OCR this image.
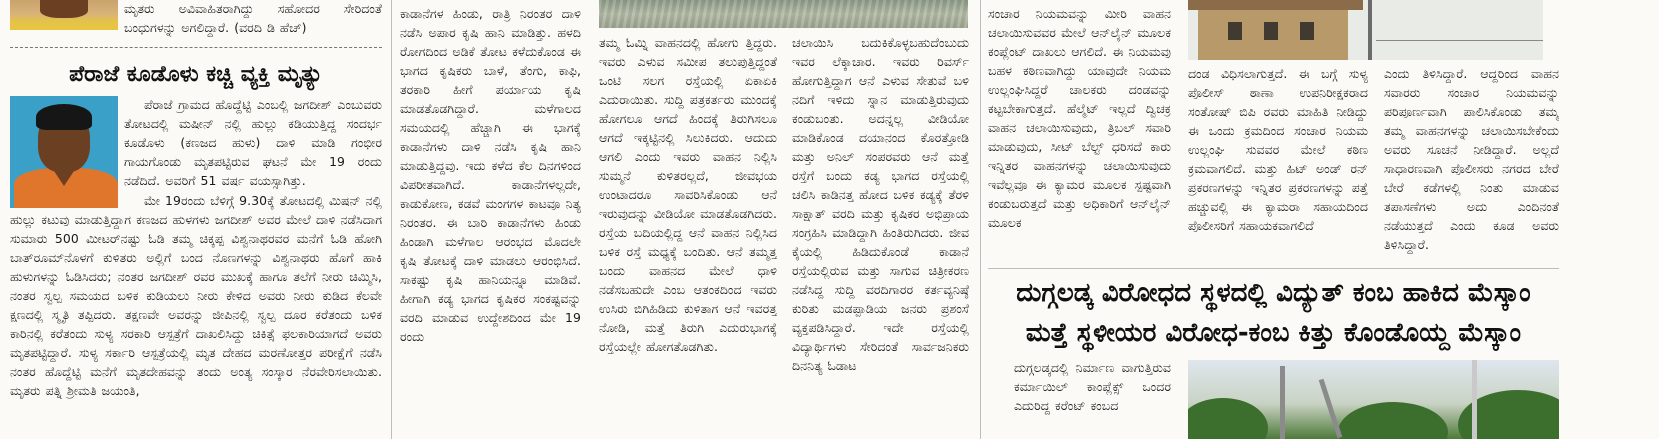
ಮೃತರು ಅವಿವಾಹಿತರಾಗಿದ್ದು ಸಹೋದರ ಸೇರಿದಂತೆ ಬಂಧುಗಳನ್ನು ಅಗಲಿದ್ದಾರೆ. (ವರದಿ ಡಿ ಹೆಚ್)
ಪೆರಾಜೆ ಕೂಡೊಳು ಕಚ್ಚಿ ವ್ಯಕ್ತಿ ಮೃತ್ಯು
ಪೆರಾಜೆ ಗ್ರಾಮದ ಹೊದ್ದೆಟ್ಟಿ ಎಂಬಲ್ಲಿ ಜಗದೀಶ್ ಎಂಬುವರು ತೋಟದಲ್ಲಿ ಮಷೀನ್ ನಲ್ಲಿ ಹುಲ್ಲು ಕಡಿಯುತ್ತಿದ್ದ ಸಂದರ್ಭ ಕೂಡೊಳು (ಕಣಜದ ಹುಳು) ದಾಳಿ ಮಾಡಿ ಗಂಭೀರ ಗಾಯಗೊಂಡು ಮೃತಪಟ್ಟಿರುವ ಘಟನೆ ಮೇ 19 ರಂದು ನಡೆದಿದೆ. ಅವರಿಗೆ 51 ವರ್ಷ ವಯಸ್ಸಾಗಿತ್ತು.
ಮೇ 19ರಂದು ಬೆಳಿಗ್ಗೆ 9.30ಕ್ಕೆ ತೋಟದಲ್ಲಿ ಮಿಷನ್ ನಲ್ಲಿ ಹುಲ್ಲು ಕಟುವು ಮಾಡುತ್ತಿದ್ದಾಗ ಕಣಜದ ಹುಳಗಳು ಜಗದೀಶ್ ಅವರ ಮೇಲೆ ದಾಳಿ ನಡೆಸಿದಾಗ ಸುಮಾರು 500 ಮೀಟರ್‌ನಷ್ಟು ಓಡಿ ತಮ್ಮ ಚಿಕ್ಕಪ್ಪ ವಿಶ್ವನಾಥರವರ ಮನೆಗೆ ಓಡಿ ಹೋಗಿ ಬಾತ್‌ರೂಮ್‌ನೊಳಗೆ ಕುಳಿತರು ಅಲ್ಲಿಗೆ ಬಂದ ನೊಣಗಳನ್ನು ವಿಶ್ವನಾಥರು ಹೊಗೆ ಹಾಕಿ ಹುಳುಗಳನ್ನು ಓಡಿಸಿದರು; ನಂತರ ಜಗದೀಶ್ ರವರ ಮುಖಕ್ಕೆ ಹಾಗೂ ತಲೆಗೆ ನೀರು ಚಿಮ್ಮಿಸಿ, ನಂತರ ಸ್ವಲ್ಪ ಸಮಯದ ಬಳಿಕ ಕುಡಿಯಲು ನೀರು ಕೇಳಿದ ಅವರು ನೀರು ಕುಡಿದ ಕೆಲವೇ ಕ್ಷಣದಲ್ಲಿ ಸ್ಮೃತಿ ತಪ್ಪಿದರು. ತಕ್ಷಣವೇ ಅವರನ್ನು ಜೀಪಿನಲ್ಲಿ ಸ್ವಲ್ಪ ದೂರ ಕರೆತಂದು ಬಳಿಕ ಕಾರಿನಲ್ಲಿ ಕರೆತಂದು ಸುಳ್ಯ ಸರಕಾರಿ ಆಸ್ಪತ್ರೆಗೆ ದಾಖಲಿಸಿದ್ದು ಚಿಕಿತ್ಸೆ ಫಲಕಾರಿಯಾಗದೆ ಅವರು ಮೃತಪಟ್ಟಿದ್ದಾರೆ. ಸುಳ್ಯ ಸರ್ಕಾರಿ ಆಸ್ಪತ್ರೆಯಲ್ಲಿ ಮೃತ ದೇಹದ ಮರಣೋತ್ತರ ಪರೀಕ್ಷೆಗೆ ನಡೆಸಿ ನಂತರ ಹೊದ್ದೆಟ್ಟಿ ಮನೆಗೆ ಮೃತದೇಹವನ್ನು ತಂದು ಅಂತ್ಯ ಸಂಸ್ಕಾರ ನೆರವೇರಿಸಲಾಯಿತು. ಮೃತರು ಪತ್ನಿ ಶ್ರೀಮತಿ ಜಯಂತಿ,
ಕಾಡಾನೆಗಳ ಹಿಂಡು, ರಾತ್ರಿ ನಿರಂತರ ದಾಳಿ ನಡೆಸಿ ಅಪಾರ ಕೃಷಿ ಹಾನಿ ಮಾಡಿತ್ತು. ಹಳದಿ ರೋಗದಿಂದ ಅಡಿಕೆ ತೋಟ ಕಳೆದುಕೊಂಡ ಈ ಭಾಗದ ಕೃಷಿಕರು ಬಾಳೆ, ತೆಂಗು, ಕಾಫಿ, ತರಕಾರಿ ಹೀಗೆ ಪರ್ಯಾಯ ಕೃಷಿ ಮಾಡತೊಡಗಿದ್ದಾರೆ. ಮಳೆಗಾಲದ ಸಮಯದಲ್ಲಿ ಹೆಚ್ಚಾಗಿ ಈ ಭಾಗಕ್ಕೆ ಕಾಡಾನೆಗಳು ದಾಳಿ ನಡೆಸಿ ಕೃಷಿ ಹಾನಿ ಮಾಡುತ್ತಿದ್ದವು. ಇದು ಕಳೆದ ಕೆಲ ದಿನಗಳಿಂದ ವಿಪರೀತವಾಗಿದೆ. ಕಾಡಾನೆಗಳಲ್ಲದೇ, ಕಾಡುಕೋಣ, ಕಡವೆ ಮಂಗಗಳ ಕಾಟವೂ ನಿತ್ಯ ನಿರಂತರ. ಈ ಬಾರಿ ಕಾಡಾನೆಗಳು ಹಿಂಡು ಹಿಂಡಾಗಿ ಮಳೆಗಾಲ ಆರಂಭದ ಮೊದಲೇ ಕೃಷಿ ತೋಟಕ್ಕೆ ದಾಳಿ ಮಾಡಲು ಆರಂಭಿಸಿದೆ. ಸಾಕಷ್ಟು ಕೃಷಿ ಹಾನಿಯನ್ನೂ ಮಾಡಿವೆ. ಹೀಗಾಗಿ ಕಡ್ಯ ಭಾಗದ ಕೃಷಿಕರ ಸಂಕಷ್ಟವನ್ನು ವರದಿ ಮಾಡುವ ಉದ್ದೇಶದಿಂದ ಮೇ 19 ರಂದು
ತಮ್ಮ ಓಮ್ನಿ ವಾಹನದಲ್ಲಿ ಹೋಗು ತ್ತಿದ್ದರು. ಇವರು ಎಳುವ ಸಮೀಪ ತಲುಪುತ್ತಿದ್ದಂತೆ ಒಂಟಿ ಸಲಗ ರಸ್ತೆಯಲ್ಲಿ ಏಕಾಏಕಿ ಎದುರಾಯಿತು. ಸುದ್ದಿ ಪತ್ರಕರ್ತರು ಮುಂದಕ್ಕೆ ಹೋಗಲೂ ಆಗದೆ ಹಿಂದಕ್ಕೆ ತಿರುಗಿಸಲೂ ಆಗದೆ ಇಕ್ಕಟ್ಟಿನಲ್ಲಿ ಸಿಲುಕಿದರು. ಆದುದು ಆಗಲಿ ಎಂದು ಇವರು ವಾಹನ ನಿಲ್ಲಿಸಿ ಸುಮ್ಮನೆ ಕುಳಿತರಲ್ಲದೆ, ಜೀವಭಯ ಉಂಟಾದರೂ ಸಾವರಿಸಿಕೊಂಡು ಆನೆ ಇರುವುದನ್ನು ವೀಡಿಯೋ ಮಾಡತೊಡಗಿದರು. ರಸ್ತೆಯ ಬದಿಯಲ್ಲಿದ್ದ ಆನೆ ವಾಹನ ನಿಲ್ಲಿಸಿದ ಬಳಿಕ ರಸ್ತೆ ಮಧ್ಯಕ್ಕೆ ಬಂದಿತು. ಆನೆ ತಮ್ಮತ್ತ ಬಂದು ವಾಹನದ ಮೇಲೆ ಧಾಳಿ ನಡೆಸಬಹುದೇ ಎಂಬ ಆತಂಕದಿಂದ ಇವರು ಉಸಿರು ಬಿಗಿಹಿಡಿದು ಕುಳಿತಾಗ ಆನೆ ಇವರತ್ತ ನೋಡಿ, ಮತ್ತೆ ತಿರುಗಿ ಎದುರುಭಾಗಕ್ಕೆ ರಸ್ತೆಯಲ್ಲೇ ಹೋಗತೊಡಗಿತು.
ಚಲಾಯಿಸಿ ಬದುಕಿಕೊಳ್ಳಬಹುದೆಂಬುದು ಇವರ ಲೆಕ್ಕಾಚಾರ. ಇವರು ರಿವರ್ಸ್ ಹೋಗುತ್ತಿದ್ದಾಗ ಆನೆ ಎಳುವ ಸೇತುವೆ ಬಳಿ ನದಿಗೆ ಇಳಿದು ಸ್ನಾನ ಮಾಡುತ್ತಿರುವುದು ಕಂಡುಬಂತು. ಅದನ್ನಲ್ಲ ವೀಡಿಯೋ ಮಾಡಿಕೊಂಡ ದಯಾನಂದ ಕೊರತ್ತೋಡಿ ಮತ್ತು ಅನಿಲ್ ಸಂಪರವರು ಆನೆ ಮತ್ತೆ ರಸ್ತೆಗೆ ಬಂದು ಕಡ್ಯ ಭಾಗದ ರಸ್ತೆಯಲ್ಲಿ ಚಲಿಸಿ ಕಾಡಿನತ್ತ ಹೋದ ಬಳಿಕ ಕಡ್ಯಕ್ಕೆ ತೆರಳಿ ಸಾಕ್ಷಾತ್ ವರದಿ ಮತ್ತು ಕೃಷಿಕರ ಅಭಿಪ್ರಾಯ ಸಂಗ್ರಹಿಸಿ ಮಾಡಿದ್ದಾಗಿ ಹಿಂತಿರುಗಿದರು. ಜೀವ ಕೈಯಲ್ಲಿ ಹಿಡಿದುಕೊಂಡೆ ಕಾಡಾನೆ ರಸ್ತೆಯಲ್ಲಿರುವ ಮತ್ತು ಸಾಗುವ ಚಿತ್ರೀಕರಣ ನಡೆಸಿದ್ದ ಸುದ್ದಿ ವರದಿಗಾರರ ಕರ್ತವ್ಯನಿಷ್ಠೆ ಕುರಿತು ಮಡಪ್ಪಾಡಿಯ ಜನರು ಪ್ರಶಂಸೆ ವ್ಯಕ್ತಪಡಿಸಿದ್ದಾರೆ. ಇದೇ ರಸ್ತೆಯಲ್ಲಿ ವಿದ್ಯಾರ್ಥಿಗಳು ಸೇರಿದಂತೆ ಸಾರ್ವಜನಿಕರು ದಿನನಿತ್ಯ ಓಡಾಟ
ಸಂಚಾರ ನಿಯಮವನ್ನು ಮೀರಿ ವಾಹನ ಚಲಾಯಿಸುವವರ ಮೇಲೆ ಆನ್‌ಲೈನ್ ಮೂಲಕ ಕಂಪ್ಲೆಂಟ್ ದಾಖಲು ಆಗಲಿದೆ. ಈ ನಿಯಮವು ಬಹಳ ಕಠಿಣವಾಗಿದ್ದು ಯಾವುದೇ ನಿಯಮ ಉಲ್ಲಂಘಿಸಿದ್ದರೆ ಚಾಲಕರು ದಂಡವನ್ನು ಕಟ್ಟಬೇಕಾಗುತ್ತದೆ. ಹೆಲ್ಮೆಟ್ ಇಲ್ಲದೆ ದ್ವಿಚಕ್ರ ವಾಹನ ಚಲಾಯಿಸುವುದು, ತ್ರಿಬಲ್ ಸವಾರಿ ಮಾಡುವುದು, ಸೀಟ್ ಬೆಲ್ಟ್ ಧರಿಸದೆ ಕಾರು ಇನ್ನಿತರ ವಾಹನಗಳನ್ನು ಚಲಾಯಿಸುವುದು ಇವೆಲ್ಲವೂ ಈ ಕ್ಯಾಮರ ಮೂಲಕ ಸ್ಪಷ್ಟವಾಗಿ ಕಂಡುಬರುತ್ತದೆ ಮತ್ತು ಅಧಿಕಾರಿಗೆ ಆನ್‌ಲೈನ್ ಮೂಲಕ
ದಂಡ ವಿಧಿಸಲಾಗುತ್ತದೆ. ಈ ಬಗ್ಗೆ ಸುಳ್ಯ ಪೊಲೀಸ್ ಠಾಣಾ ಉಪನಿರೀಕ್ಷಕರಾದ ಸಂತೋಷ್ ಬಿಪಿ ರವರು ಮಾಹಿತಿ ನೀಡಿದ್ದು ಈ ಒಂದು ಕ್ರಮದಿಂದ ಸಂಚಾರ ನಿಯಮ ಉಲ್ಲಂಘಿ ಸುವವರ ಮೇಲೆ ಕಠಿಣ ಕ್ರಮವಾಗಲಿದೆ. ಮತ್ತು ಹಿಟ್ ಅಂಡ್ ರನ್ ಪ್ರಕರಣಗಳನ್ನು ಇನ್ನಿತರ ಪ್ರಕರಣಗಳನ್ನು ಪತ್ತೆ ಹಚ್ಚುವಲ್ಲಿ ಈ ಕ್ಯಾಮರಾ ಸಹಾಯದಿಂದ ಪೊಲೀಸರಿಗೆ ಸಹಾಯಕವಾಗಲಿದೆ
ಎಂದು ತಿಳಿಸಿದ್ದಾರೆ. ಆದ್ದರಿಂದ ವಾಹನ ಸವಾರರು ಸಂಚಾರ ನಿಯಮವನ್ನು ಪರಿಪೂರ್ಣವಾಗಿ ಪಾಲಿಸಿಕೊಂಡು ತಮ್ಮ ತಮ್ಮ ವಾಹನಗಳನ್ನು ಚಲಾಯಿಸಬೇಕೆಂದು ಅವರು ಸೂಚನೆ ನೀಡಿದ್ದಾರೆ. ಅಲ್ಲದೆ ಸಾಧಾರಣವಾಗಿ ಪೊಲೀಸರು ನಗರದ ಬೇರೆ ಬೇರೆ ಕಡೆಗಳಲ್ಲಿ ನಿಂತು ಮಾಡುವ ತಪಾಸಣೆಗಳು ಅದು ಎಂದಿನಂತೆ ನಡೆಯುತ್ತದೆ ಎಂದು ಕೂಡ ಅವರು ತಿಳಿಸಿದ್ದಾರೆ.
ದುಗ್ಗಲಡ್ಕ ವಿರೋಧದ ಸ್ಥಳದಲ್ಲಿ ವಿದ್ಯುತ್ ಕಂಬ ಹಾಕಿದ ಮೆಸ್ಕಾಂ
ಮತ್ತೆ ಸ್ಥಳೀಯರ ವಿರೋಧ-ಕಂಬ ಕಿತ್ತು ಕೊಂಡೊಯ್ದ ಮೆಸ್ಕಾಂ
ದುಗ್ಗಲಡ್ಕದಲ್ಲಿ ನಿರ್ಮಾಣ ವಾಗುತ್ತಿರುವ ಕರ್ಮಾಯಿಲ್ ಕಾಂಪ್ಲೆಕ್ಸ್ ಒಂದರ ಎದುರಿದ್ದ ಕರೆಂಟ್ ಕಂಬದ
